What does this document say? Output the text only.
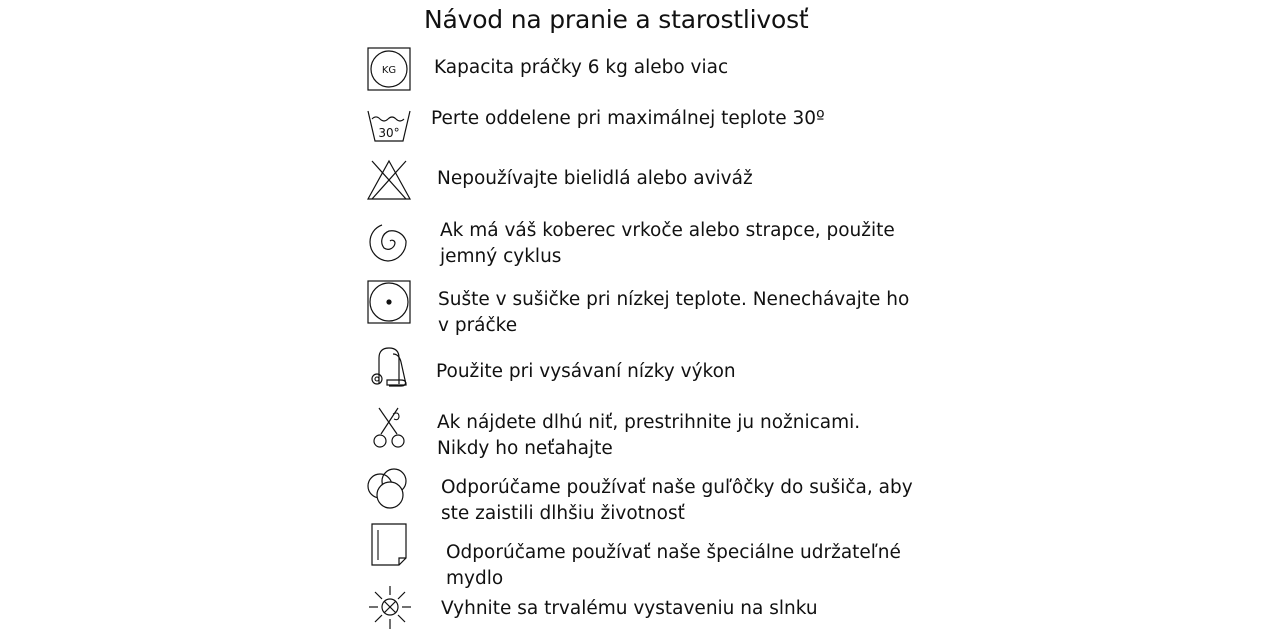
Návod na pranie a starostlivosť
KG Kapacita práčky 6 kg alebo viac
30°
Perte oddelene pri maximálnej teplote 30º
Nepoužívajte bielidlá alebo aviváž
Ak má váš koberec vrkoče alebo strapce, použite jemný cyklus
Sušte v sušičke pri nízkej teplote. Nenechávajte ho v práčke
Použite pri vysávaní nízky výkon
Ak nájdete dlhú niť, prestrihnite ju nožnicami. Nikdy ho neťahajte
Odporúčame používať naše guľôčky do sušiča, aby ste zaistili dlhšiu životnosť
Odporúčame používať naše špeciálne udržateľné mydlo
Vyhnite sa trvalému vystaveniu na slnku
